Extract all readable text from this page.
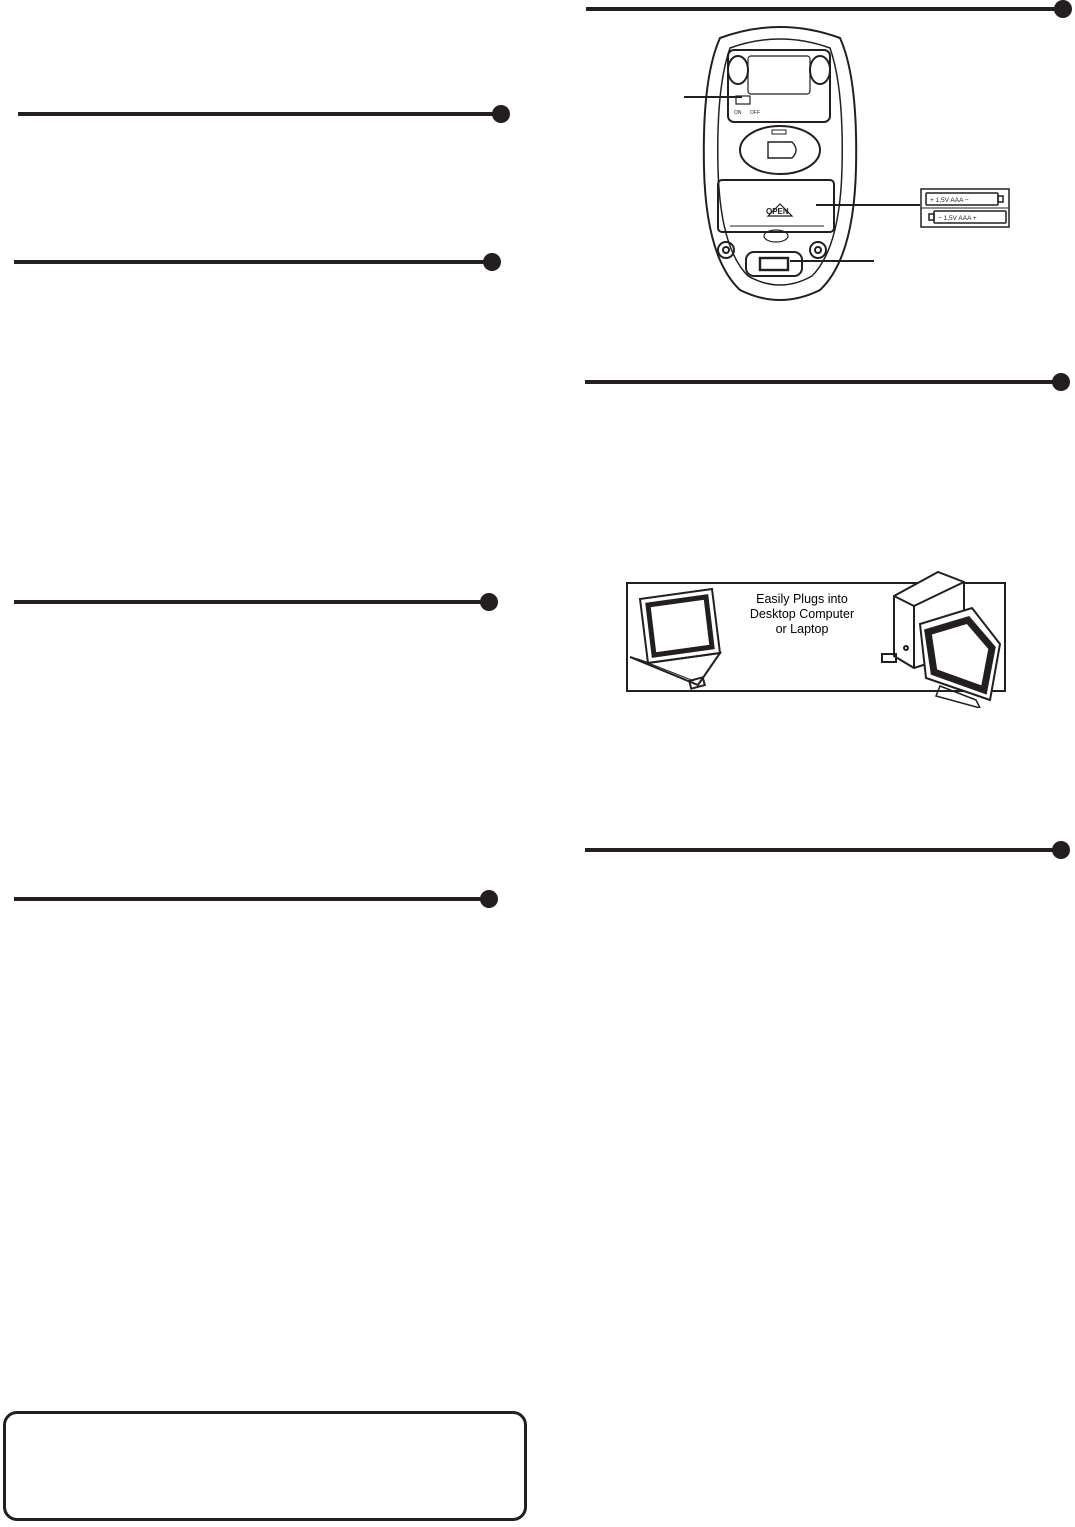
ON OFF
OPEN
+ 1,5V AAA −
− 1,5V AAA +
Easily Plugs into
Desktop Computer
or Laptop
